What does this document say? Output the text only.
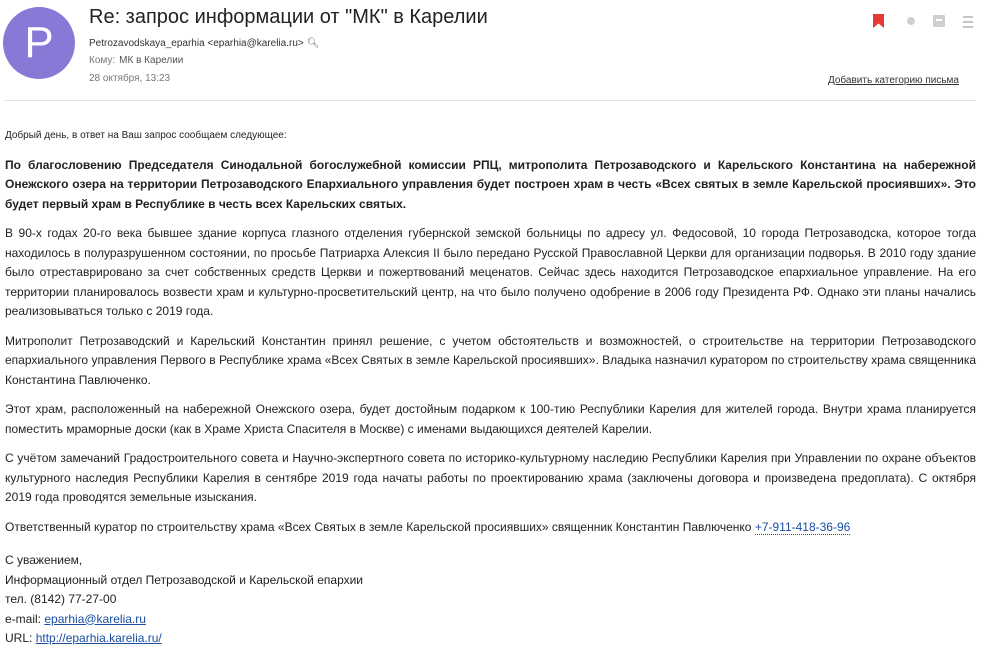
P
Re: запрос информации от "МК" в Карелии
Petrozavodskaya_eparhia <eparhia@karelia.ru> 🔍︎
Кому: МК в Карелии
28 октября, 13:23	Добавить категорию письма
Добрый день, в ответ на Ваш запрос сообщаем следующее:

По благословению Председателя Синодальной богослужебной комиссии РПЦ, митрополита Петрозаводского и Карельского Константина на набережной Онежского озера на территории Петрозаводского Епархиального управления будет построен храм в честь «Всех святых в земле Карельской просиявших». Это будет первый храм в Республике в честь всех Карельских святых.

В 90-х годах 20-го века бывшее здание корпуса глазного отделения губернской земской больницы по адресу ул. Федосовой, 10 города Петрозаводска, которое тогда находилось в полуразрушенном состоянии, по просьбе Патриарха Алексия II было передано Русской Православной Церкви для организации подворья. В 2010 году здание было отреставрировано за счет собственных средств Церкви и пожертвований меценатов. Сейчас здесь находится Петрозаводское епархиальное управление. На его территории планировалось возвести храм и культурно-просветительский центр, на что было получено одобрение в 2006 году Президента РФ. Однако эти планы начались реализовываться только с 2019 года.

Митрополит Петрозаводский и Карельский Константин принял решение, с учетом обстоятельств и возможностей, о строительстве на территории Петрозаводского епархиального управления Первого в Республике храма «Всех Святых в земле Карельской просиявших». Владыка назначил куратором по строительству храма священника Константина Павлюченко.

Этот храм, расположенный на набережной Онежского озера, будет достойным подарком к 100-тию Республики Карелия для жителей города. Внутри храма планируется поместить мраморные доски (как в Храме Христа Спасителя в Москве) с именами выдающихся деятелей Карелии.

С учётом замечаний Градостроительного совета и Научно-экспертного совета по историко-культурному наследию Республики Карелия при Управлении по охране объектов культурного наследия Республики Карелия в сентябре 2019 года начаты работы по проектированию храма (заключены договора и произведена предоплата). С октября 2019 года проводятся земельные изыскания.

Ответственный куратор по строительству храма «Всех Святых в земле Карельской просиявших» священник Константин Павлюченко +7-911-418-36-96

С уважением,
Информационный отдел Петрозаводской и Карельской епархии
тел. (8142) 77-27-00
e-mail: eparhia@karelia.ru
URL: http://eparhia.karelia.ru/
